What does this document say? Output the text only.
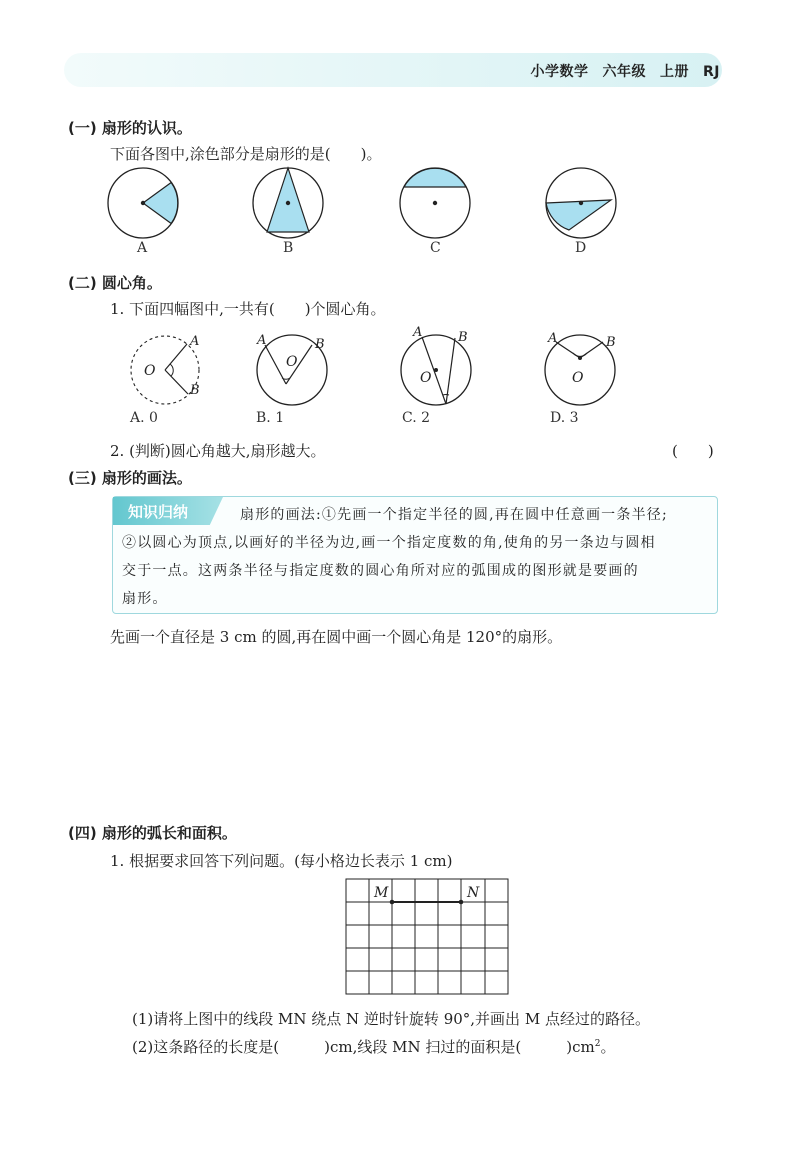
小学数学 六年级 上册 RJ
(一) 扇形的认识。
下面各图中,涂色部分是扇形的是(　　)。
A	B	C	D
(二) 圆心角。
1. 下面四幅图中,一共有(　　)个圆心角。
O
A
B
O
A	B
O
A	B
O
A	B
A. 0	B. 1	C. 2	D. 3
2. (判断)圆心角越大,扇形越大。	(　　)
(三) 扇形的画法。
知识归纳	扇形的画法:①先画一个指定半径的圆,再在圆中任意画一条半径;
②以圆心为顶点,以画好的半径为边,画一个指定度数的角,使角的另一条边与圆相
交于一点。这两条半径与指定度数的圆心角所对应的弧围成的图形就是要画的
扇形。
先画一个直径是 3 cm 的圆,再在圆中画一个圆心角是 120°的扇形。
(四) 扇形的弧长和面积。
1. 根据要求回答下列问题。(每小格边长表示 1 cm)
M	N
(1)请将上图中的线段 MN 绕点 N 逆时针旋转 90°,并画出 M 点经过的路径。
(2)这条路径的长度是(　　　)cm,线段 MN 扫过的面积是(　　　)$cm^2$。
